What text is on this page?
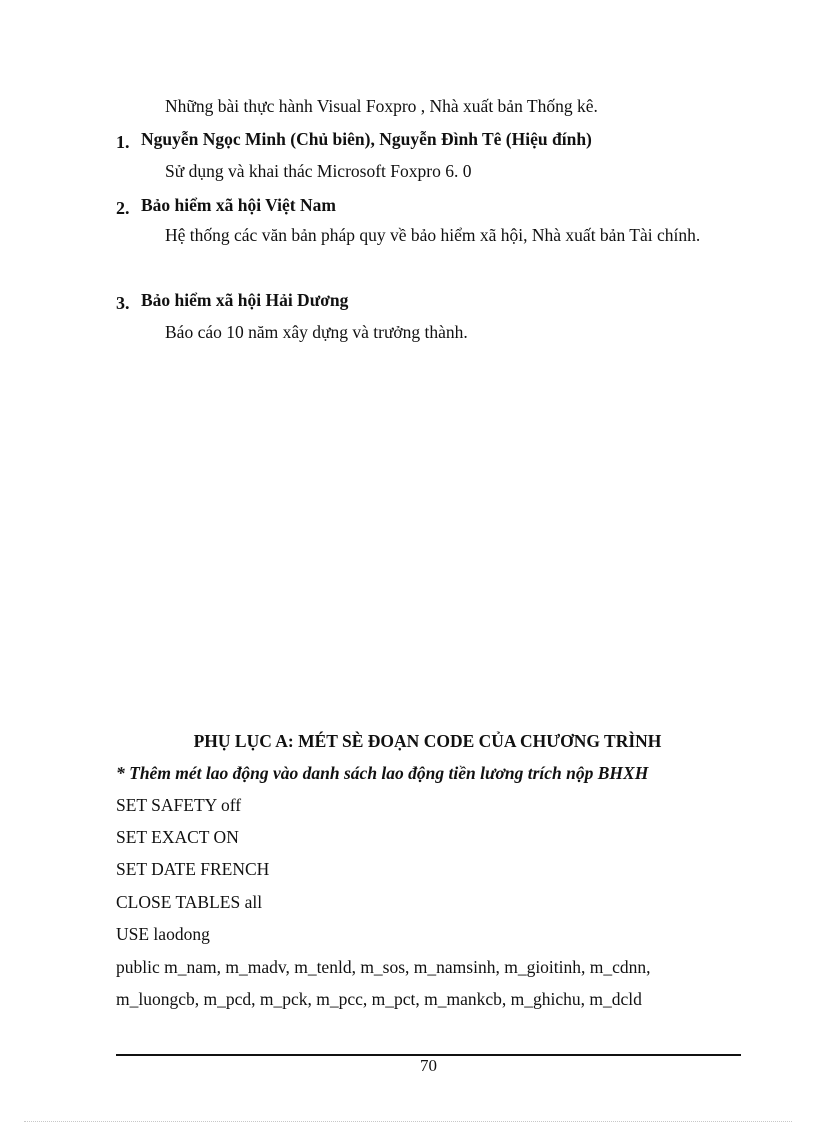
Những bài thực hành Visual Foxpro , Nhà xuất bản Thống kê.
1. Nguyễn Ngọc Minh (Chủ biên), Nguyễn Đình Tê (Hiệu đính)
Sử dụng và khai thác Microsoft Foxpro 6. 0
2. Bảo hiểm xã hội Việt Nam
Hệ thống các văn bản pháp quy về bảo hiểm xã hội, Nhà xuất bản Tài chính.
3. Bảo hiểm xã hội Hải Dương
Báo cáo 10 năm xây dựng và trưởng thành.
PHỤ LỤC A: MÉT SÈ ĐOẠN CODE CỦA CHƯƠNG TRÌNH
* Thêm mét lao động vào danh sách lao động tiền lương trích nộp BHXH
SET SAFETY off
SET EXACT ON
SET DATE FRENCH
CLOSE TABLES all
USE laodong
public m_nam, m_madv, m_tenld, m_sos, m_namsinh, m_gioitinh, m_cdnn,
m_luongcb, m_pcd, m_pck, m_pcc, m_pct, m_mankcb, m_ghichu, m_dcld
70
